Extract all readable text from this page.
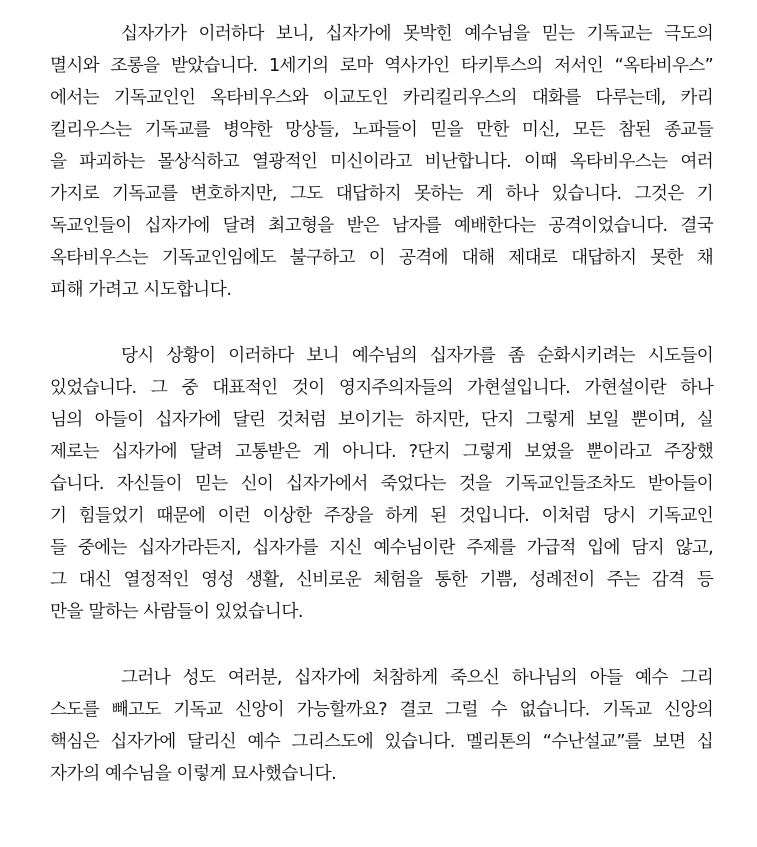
십자가가 이러하다 보니, 십자가에 못박힌 예수님을 믿는 기독교는 극도의
멸시와 조롱을 받았습니다. 1세기의 로마 역사가인 타키투스의 저서인 “옥타비우스”
에서는 기독교인인 옥타비우스와 이교도인 카리킬리우스의 대화를 다루는데, 카리
킬리우스는 기독교를 병약한 망상들, 노파들이 믿을 만한 미신, 모든 참된 종교들
을 파괴하는 몰상식하고 열광적인 미신이라고 비난합니다. 이때 옥타비우스는 여러
가지로 기독교를 변호하지만, 그도 대답하지 못하는 게 하나 있습니다. 그것은 기
독교인들이 십자가에 달려 최고형을 받은 남자를 예배한다는 공격이었습니다. 결국
옥타비우스는 기독교인임에도 불구하고 이 공격에 대해 제대로 대답하지 못한 채
피해 가려고 시도합니다.
당시 상황이 이러하다 보니 예수님의 십자가를 좀 순화시키려는 시도들이
있었습니다. 그 중 대표적인 것이 영지주의자들의 가현설입니다. 가현설이란 하나
님의 아들이 십자가에 달린 것처럼 보이기는 하지만, 단지 그렇게 보일 뿐이며, 실
제로는 십자가에 달려 고통받은 게 아니다. ?단지 그렇게 보였을 뿐이라고 주장했
습니다. 자신들이 믿는 신이 십자가에서 죽었다는 것을 기독교인들조차도 받아들이
기 힘들었기 때문에 이런 이상한 주장을 하게 된 것입니다. 이처럼 당시 기독교인
들 중에는 십자가라든지, 십자가를 지신 예수님이란 주제를 가급적 입에 담지 않고,
그 대신 열정적인 영성 생활, 신비로운 체험을 통한 기쁨, 성례전이 주는 감격 등
만을 말하는 사람들이 있었습니다.
그러나 성도 여러분, 십자가에 처참하게 죽으신 하나님의 아들 예수 그리
스도를 빼고도 기독교 신앙이 가능할까요? 결코 그럴 수 없습니다. 기독교 신앙의
핵심은 십자가에 달리신 예수 그리스도에 있습니다. 멜리톤의 “수난설교”를 보면 십
자가의 예수님을 이렇게 묘사했습니다.
